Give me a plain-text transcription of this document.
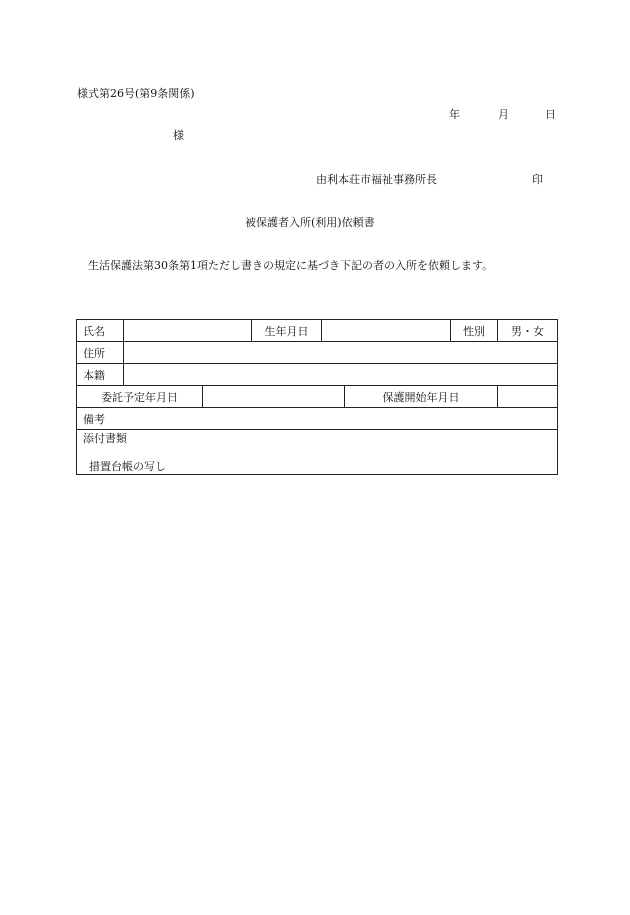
様式第26号(第9条関係)
年	月	日
様
由利本荘市福祉事務所長	印
被保護者入所(利用)依頼書
生活保護法第30条第1項ただし書きの規定に基づき下記の者の入所を依頼します。
氏名			生年月日			性別	男・女
住所							
本籍							
委託予定年月日					保護開始年月日		
備考							
添付書類
措置台帳の写し							
